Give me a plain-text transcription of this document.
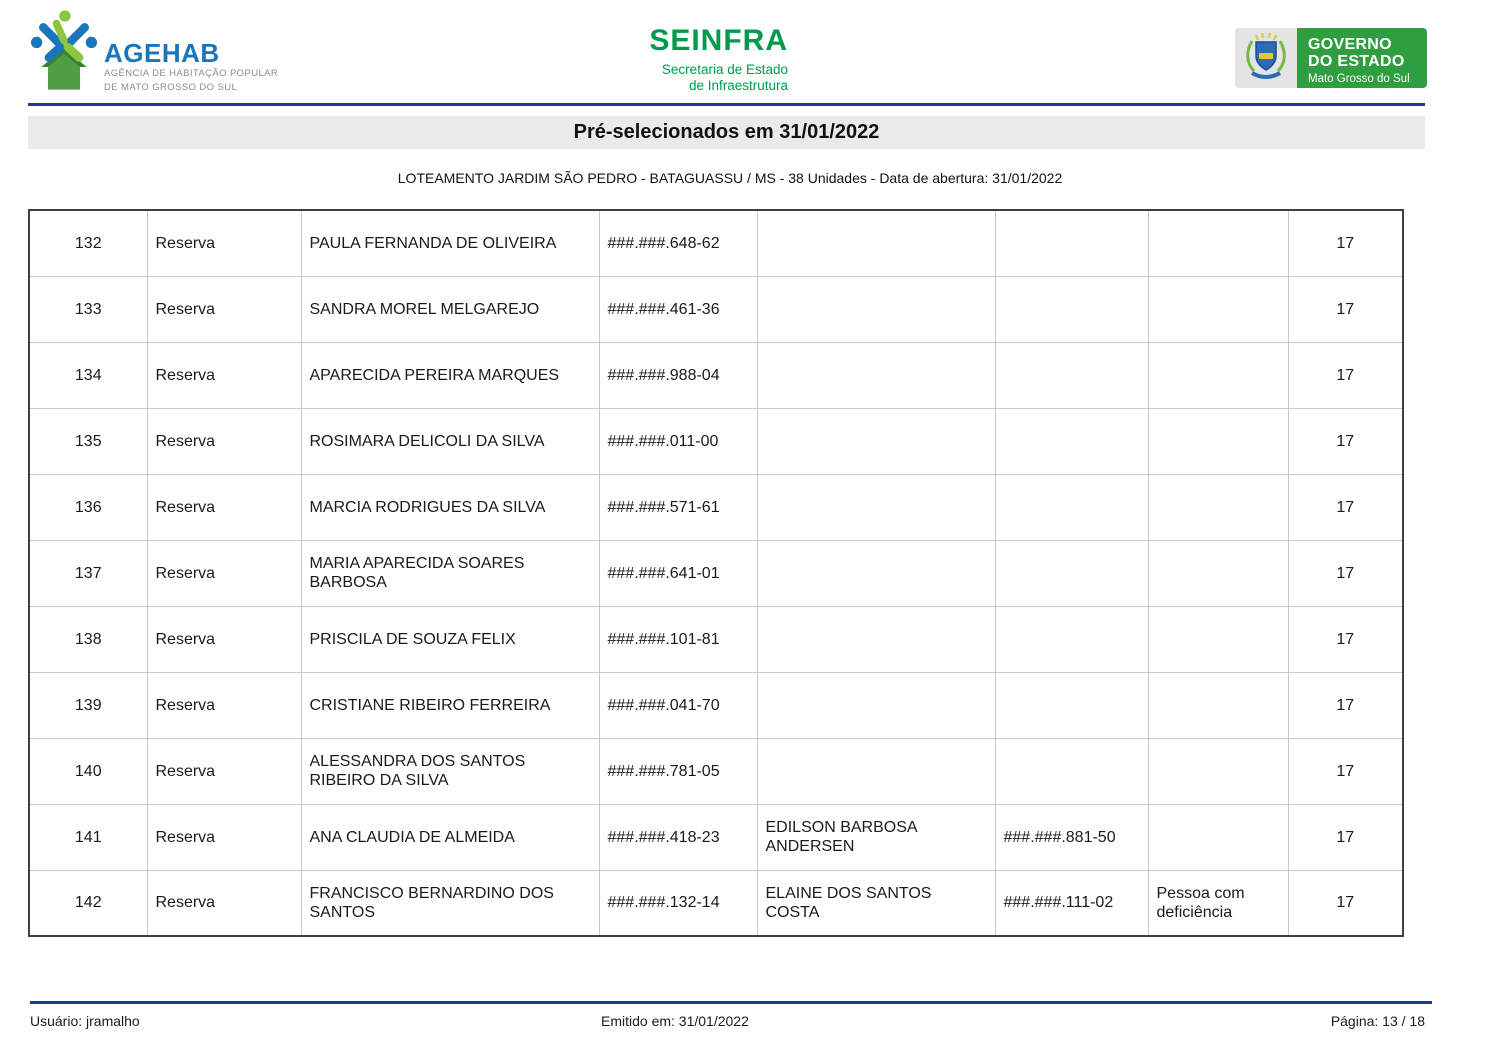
AGEHAB
AGÊNCIA DE HABITAÇÃO POPULAR
DE MATO GROSSO DO SUL
SEINFRA
Secretaria de Estado
de Infraestrutura
GOVERNO
DO ESTADO
Mato Grosso do Sul
Pré-selecionados em 31/01/2022
LOTEAMENTO JARDIM SÃO PEDRO - BATAGUASSU / MS - 38 Unidades - Data de abertura: 31/01/2022
132	Reserva	PAULA FERNANDA DE OLIVEIRA	###.###.648-62				17
133	Reserva	SANDRA MOREL MELGAREJO	###.###.461-36				17
134	Reserva	APARECIDA PEREIRA MARQUES	###.###.988-04				17
135	Reserva	ROSIMARA DELICOLI DA SILVA	###.###.011-00				17
136	Reserva	MARCIA RODRIGUES DA SILVA	###.###.571-61				17
137	Reserva	MARIA APARECIDA SOARES BARBOSA	###.###.641-01				17
138	Reserva	PRISCILA DE SOUZA FELIX	###.###.101-81				17
139	Reserva	CRISTIANE RIBEIRO FERREIRA	###.###.041-70				17
140	Reserva	ALESSANDRA DOS SANTOS RIBEIRO DA SILVA	###.###.781-05				17
141	Reserva	ANA CLAUDIA DE ALMEIDA	###.###.418-23	EDILSON BARBOSA ANDERSEN	###.###.881-50		17
142	Reserva	FRANCISCO BERNARDINO DOS SANTOS	###.###.132-14	ELAINE DOS SANTOS COSTA	###.###.111-02	Pessoa com deficiência	17
Usuário: jramalho	Emitido em: 31/01/2022	Página: 13 / 18
